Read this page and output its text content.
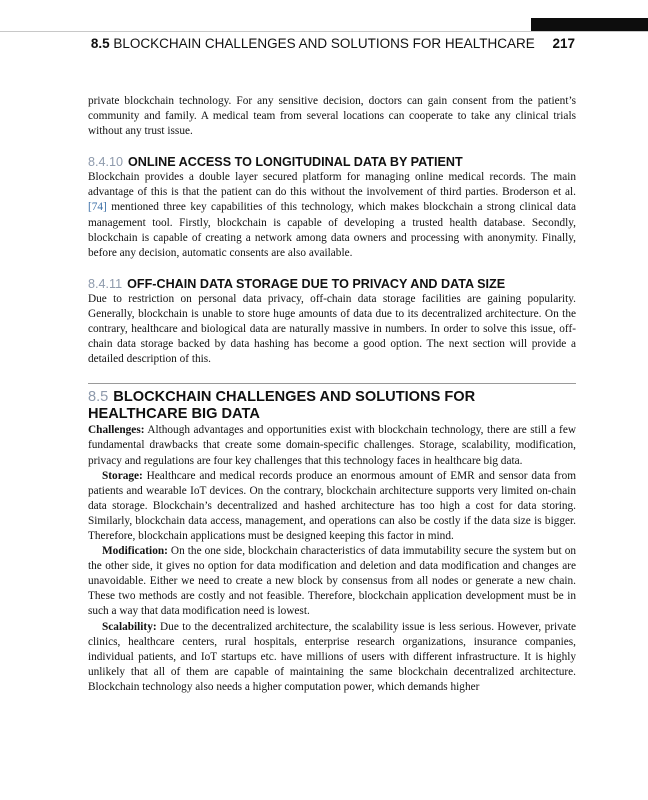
8.5 BLOCKCHAIN CHALLENGES AND SOLUTIONS FOR HEALTHCARE 217

private blockchain technology. For any sensitive decision, doctors can gain consent from the patient’s community and family. A medical team from several locations can cooperate to take any clinical trials without any trust issue.

8.4.10 ONLINE ACCESS TO LONGITUDINAL DATA BY PATIENT

Blockchain provides a double layer secured platform for managing online medical records. The main advantage of this is that the patient can do this without the involvement of third parties. Broderson et al. [74] mentioned three key capabilities of this technology, which makes blockchain a strong clinical data management tool. Firstly, blockchain is capable of developing a trusted health database. Secondly, blockchain is capable of creating a network among data owners and processing with anonymity. Finally, before any decision, automatic consents are also available.

8.4.11 OFF-CHAIN DATA STORAGE DUE TO PRIVACY AND DATA SIZE

Due to restriction on personal data privacy, off-chain data storage facilities are gaining popularity. Generally, blockchain is unable to store huge amounts of data due to its decentralized architecture. On the contrary, healthcare and biological data are naturally massive in numbers. In order to solve this issue, off-chain data storage backed by data hashing has become a good option. The next section will provide a detailed description of this.

8.5 BLOCKCHAIN CHALLENGES AND SOLUTIONS FOR HEALTHCARE BIG DATA

Challenges: Although advantages and opportunities exist with blockchain technology, there are still a few fundamental drawbacks that create some domain-specific challenges. Storage, scalability, modification, privacy and regulations are four key challenges that this technology faces in healthcare big data.

Storage: Healthcare and medical records produce an enormous amount of EMR and sensor data from patients and wearable IoT devices. On the contrary, blockchain architecture supports very limited on-chain data storage. Blockchain’s decentralized and hashed architecture has too high a cost for data storing. Similarly, blockchain data access, management, and operations can also be costly if the data size is bigger. Therefore, blockchain applications must be designed keeping this factor in mind.

Modification: On the one side, blockchain characteristics of data immutability secure the system but on the other side, it gives no option for data modification and deletion and data modification and changes are unavoidable. Either we need to create a new block by consensus from all nodes or generate a new chain. These two methods are costly and not feasible. Therefore, blockchain application development must be in such a way that data modification need is lowest.

Scalability: Due to the decentralized architecture, the scalability issue is less serious. However, private clinics, healthcare centers, rural hospitals, enterprise research organizations, insurance companies, individual patients, and IoT startups etc. have millions of users with different infrastructure. It is highly unlikely that all of them are capable of maintaining the same blockchain decentralized architecture. Blockchain technology also needs a higher computation power, which demands higher
